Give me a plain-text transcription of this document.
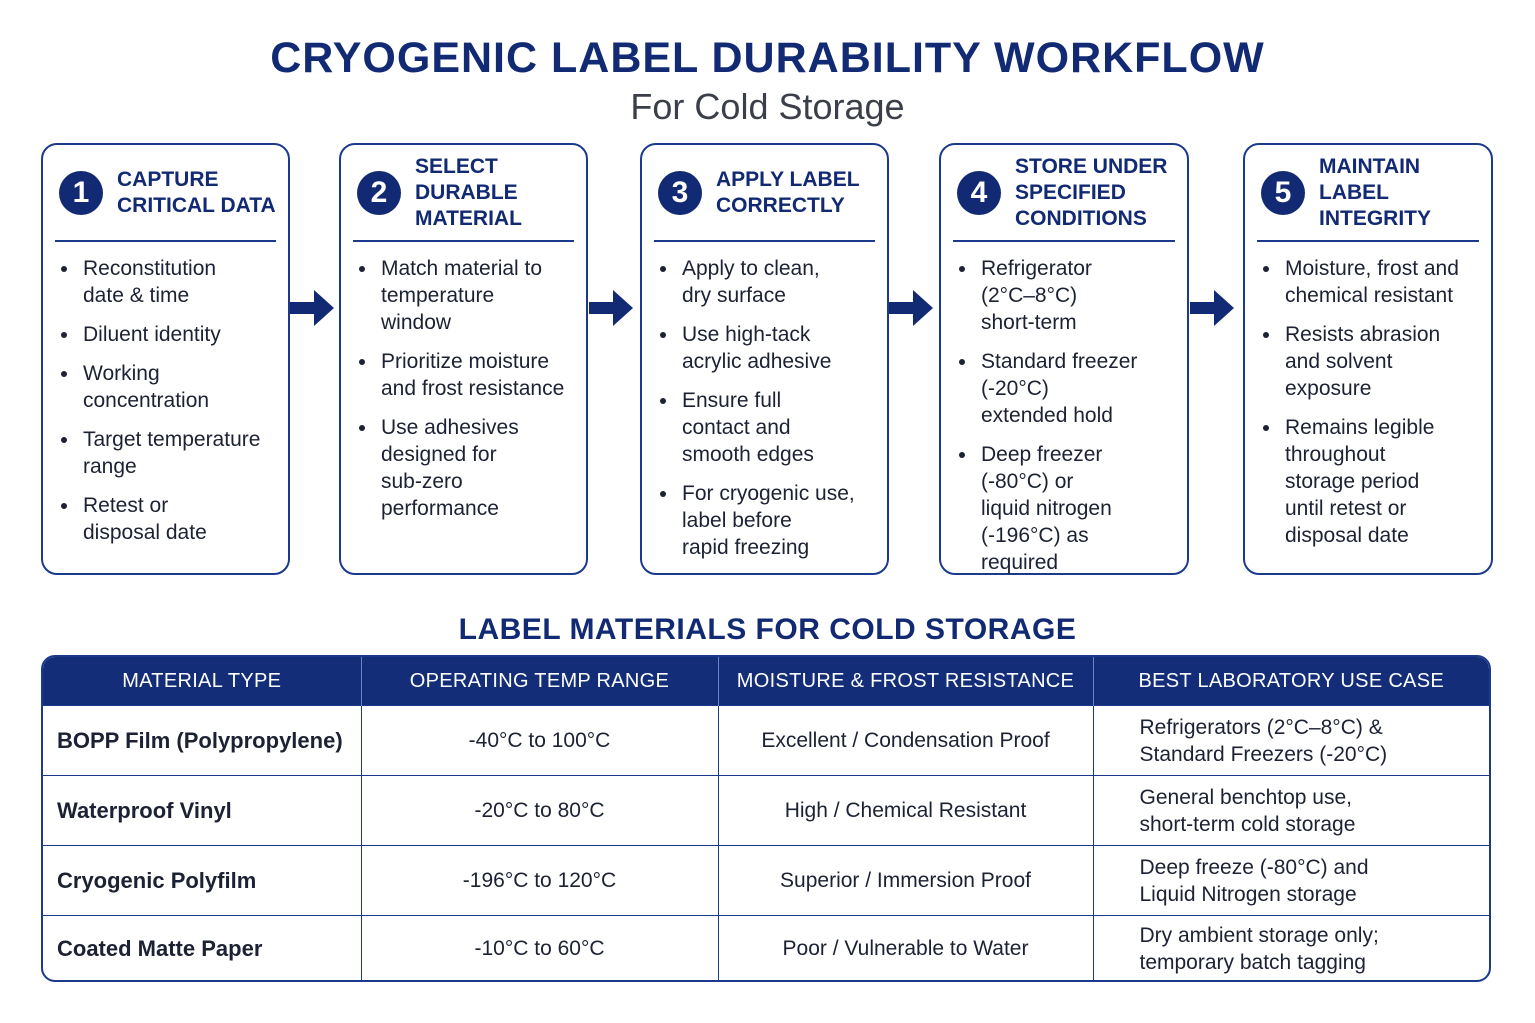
CRYOGENIC LABEL DURABILITY WORKFLOW
For Cold Storage
1	CAPTURE
CRITICAL DATA
Reconstitution
date & time
Diluent identity
Working
concentration
Target temperature
range
Retest or
disposal date
2
SELECT DURABLE
MATERIAL
Match material to
temperature
window
Prioritize moisture
and frost resistance
Use adhesives
designed for
sub-zero
performance
3	APPLY LABEL
CORRECTLY
Apply to clean,
dry surface
Use high-tack
acrylic adhesive
Ensure full
contact and
smooth edges
For cryogenic use,
label before
rapid freezing
4
STORE UNDER
SPECIFIED
CONDITIONS
Refrigerator
(2°C–8°C)
short-term
Standard freezer
(-20°C)
extended hold
Deep freezer
(-80°C) or
liquid nitrogen
(-196°C) as
required
5
MAINTAIN
LABEL INTEGRITY
Moisture, frost and
chemical resistant
Resists abrasion
and solvent
exposure
Remains legible
throughout
storage period
until retest or
disposal date
LABEL MATERIALS FOR COLD STORAGE
MATERIAL TYPE	OPERATING TEMP RANGE	MOISTURE & FROST RESISTANCE	BEST LABORATORY USE CASE
BOPP Film (Polypropylene)	-40°C to 100°C	Excellent / Condensation Proof	Refrigerators (2°C–8°C) &
Standard Freezers (-20°C)
Waterproof Vinyl	-20°C to 80°C	High / Chemical Resistant	General benchtop use,
short-term cold storage
Cryogenic Polyfilm	-196°C to 120°C	Superior / Immersion Proof	Deep freeze (-80°C) and
Liquid Nitrogen storage
Coated Matte Paper	-10°C to 60°C	Poor / Vulnerable to Water	Dry ambient storage only;
temporary batch tagging
